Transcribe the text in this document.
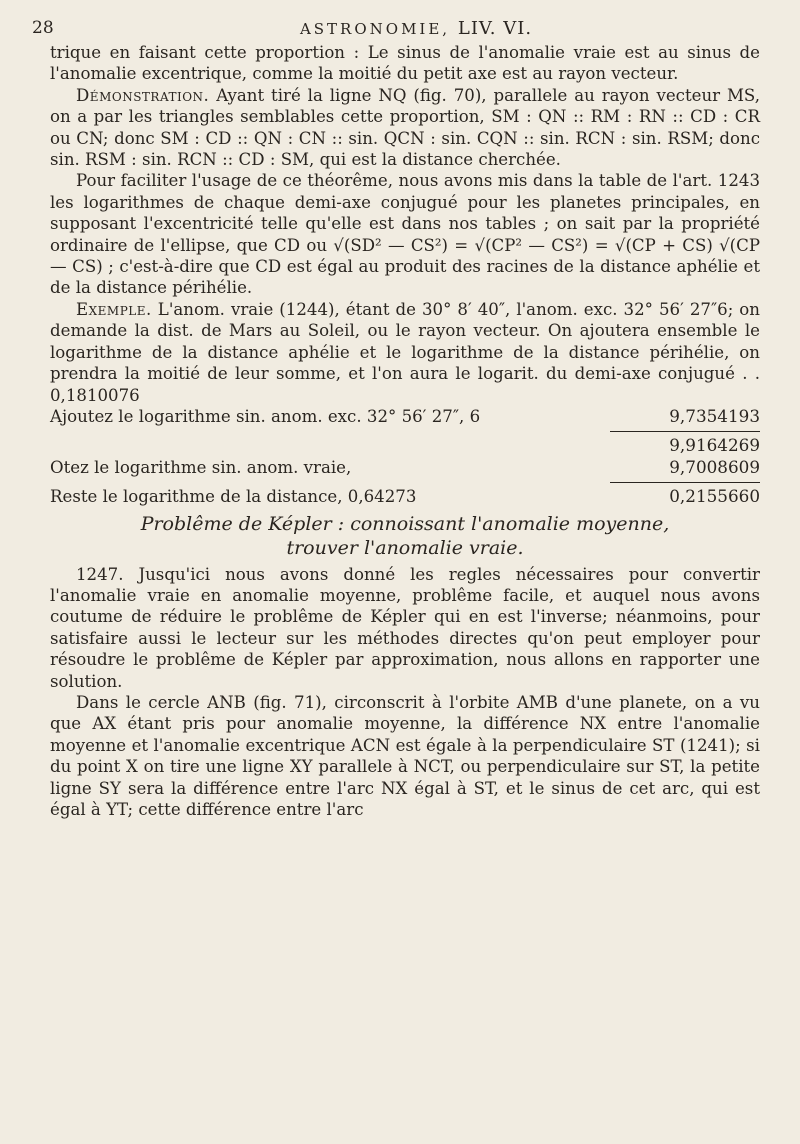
28	ASTRONOMIE, LIV. VI.

trique en faisant cette proportion : Le sinus de l'anomalie vraie est au sinus de l'anomalie excentrique, comme la moitié du petit axe est au rayon vecteur.

Démonstration. Ayant tiré la ligne NQ (fig. 70), parallele au rayon vecteur MS, on a par les triangles semblables cette proportion, SM : QN :: RM : RN :: CD : CR ou CN; donc SM : CD :: QN : CN :: sin. QCN : sin. CQN :: sin. RCN : sin. RSM; donc sin. RSM : sin. RCN :: CD : SM, qui est la distance cherchée.

Pour faciliter l'usage de ce théorême, nous avons mis dans la table de l'art. 1243 les logarithmes de chaque demi-axe conjugué pour les planetes principales, en supposant l'excentricité telle qu'elle est dans nos tables ; on sait par la propriété ordinaire de l'ellipse, que CD ou √(SD² — CS²) = √(CP² — CS²) = √(CP + CS) √(CP — CS) ; c'est-à-dire que CD est égal au produit des racines de la distance aphélie et de la distance périhélie.

Exemple. L'anom. vraie (1244), étant de 30° 8′ 40″, l'anom. exc. 32° 56′ 27″6; on demande la dist. de Mars au Soleil, ou le rayon vecteur. On ajoutera ensemble le logarithme de la distance aphélie et le logarithme de la distance périhélie, on prendra la moitié de leur somme, et l'on aura le logarit. du demi-axe conjugué . . 0,1810076

Ajoutez le logarithme sin. anom. exc. 32° 56′ 27″, 6	9,7354193
9,9164269
Otez le logarithme sin. anom. vraie,	9,7008609
Reste le logarithme de la distance, 0,64273	0,2155660
Problême de Képler : connoissant l'anomalie moyenne,
trouver l'anomalie vraie.

1247. Jusqu'ici nous avons donné les regles nécessaires pour convertir l'anomalie vraie en anomalie moyenne, problême facile, et auquel nous avons coutume de réduire le problême de Képler qui en est l'inverse; néanmoins, pour satisfaire aussi le lecteur sur les méthodes directes qu'on peut employer pour résoudre le problême de Képler par approximation, nous allons en rapporter une solution.

Dans le cercle ANB (fig. 71), circonscrit à l'orbite AMB d'une planete, on a vu que AX étant pris pour anomalie moyenne, la différence NX entre l'anomalie moyenne et l'anomalie excentrique ACN est égale à la perpendiculaire ST (1241); si du point X on tire une ligne XY parallele à NCT, ou perpendiculaire sur ST, la petite ligne SY sera la différence entre l'arc NX égal à ST, et le sinus de cet arc, qui est égal à YT; cette différence entre l'arc
